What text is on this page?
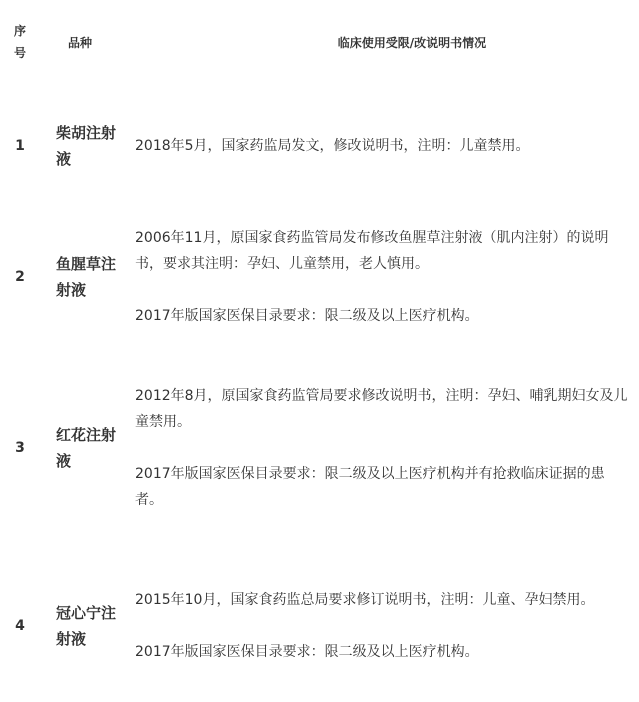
序号	品种	临床使用受限/改说明书情况
1	柴胡注射液	2018年5月，国家药监局发文，修改说明书，注明：儿童禁用。

2	鱼腥草注射液	2006年11月，原国家食药监管局发布修改鱼腥草注射液（肌内注射）的说明书，要求其注明：孕妇、儿童禁用，老人慎用。

2017年版国家医保目录要求：限二级及以上医疗机构。

3	红花注射液	2012年8月，原国家食药监管局要求修改说明书，注明：孕妇、哺乳期妇女及儿童禁用。

2017年版国家医保目录要求：限二级及以上医疗机构并有抢救临床证据的患者。

4	冠心宁注射液	2015年10月，国家食药监总局要求修订说明书，注明：儿童、孕妇禁用。

2017年版国家医保目录要求：限二级及以上医疗机构。
